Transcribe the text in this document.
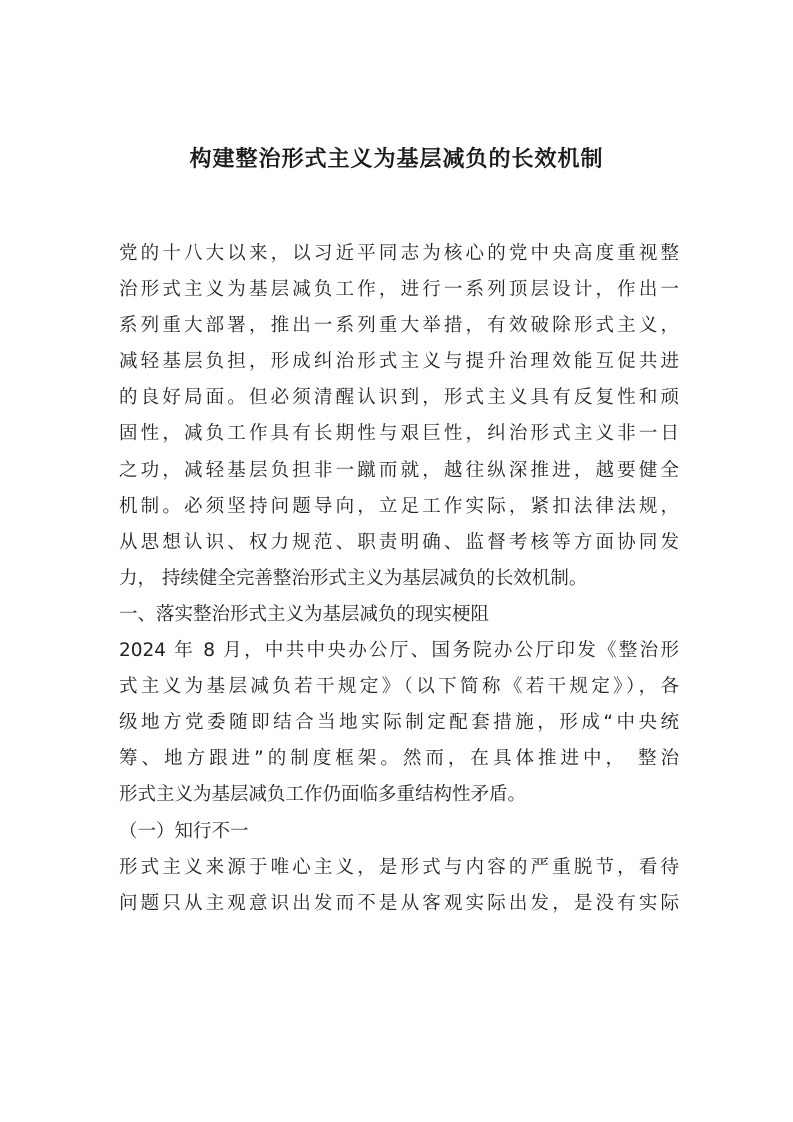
构建整治形式主义为基层减负的长效机制
党的十八大以来，以习近平同志为核心的党中央高度重视整
治形式主义为基层减负工作，进行一系列顶层设计，作出一
系列重大部署，推出一系列重大举措，有效破除形式主义，
减轻基层负担，形成纠治形式主义与提升治理效能互促共进
的良好局面。但必须清醒认识到，形式主义具有反复性和顽
固性，减负工作具有长期性与艰巨性，纠治形式主义非一日
之功，减轻基层负担非一蹴而就，越往纵深推进，越要健全
机制。必须坚持问题导向，立足工作实际，紧扣法律法规，
从思想认识、权力规范、职责明确、监督考核等方面协同发
力， 持续健全完善整治形式主义为基层减负的长效机制。
一、落实整治形式主义为基层减负的现实梗阻
2024 年 8 月，中共中央办公厅、国务院办公厅印发《整治形
式主义为基层减负若干规定》（以下简称《若干规定》），各
级地方党委随即结合当地实际制定配套措施，形成“中央统
筹、地方跟进”的制度框架。然而，在具体推进中， 整治
形式主义为基层减负工作仍面临多重结构性矛盾。
（一）知行不一
形式主义来源于唯心主义，是形式与内容的严重脱节，看待
问题只从主观意识出发而不是从客观实际出发，是没有实际
